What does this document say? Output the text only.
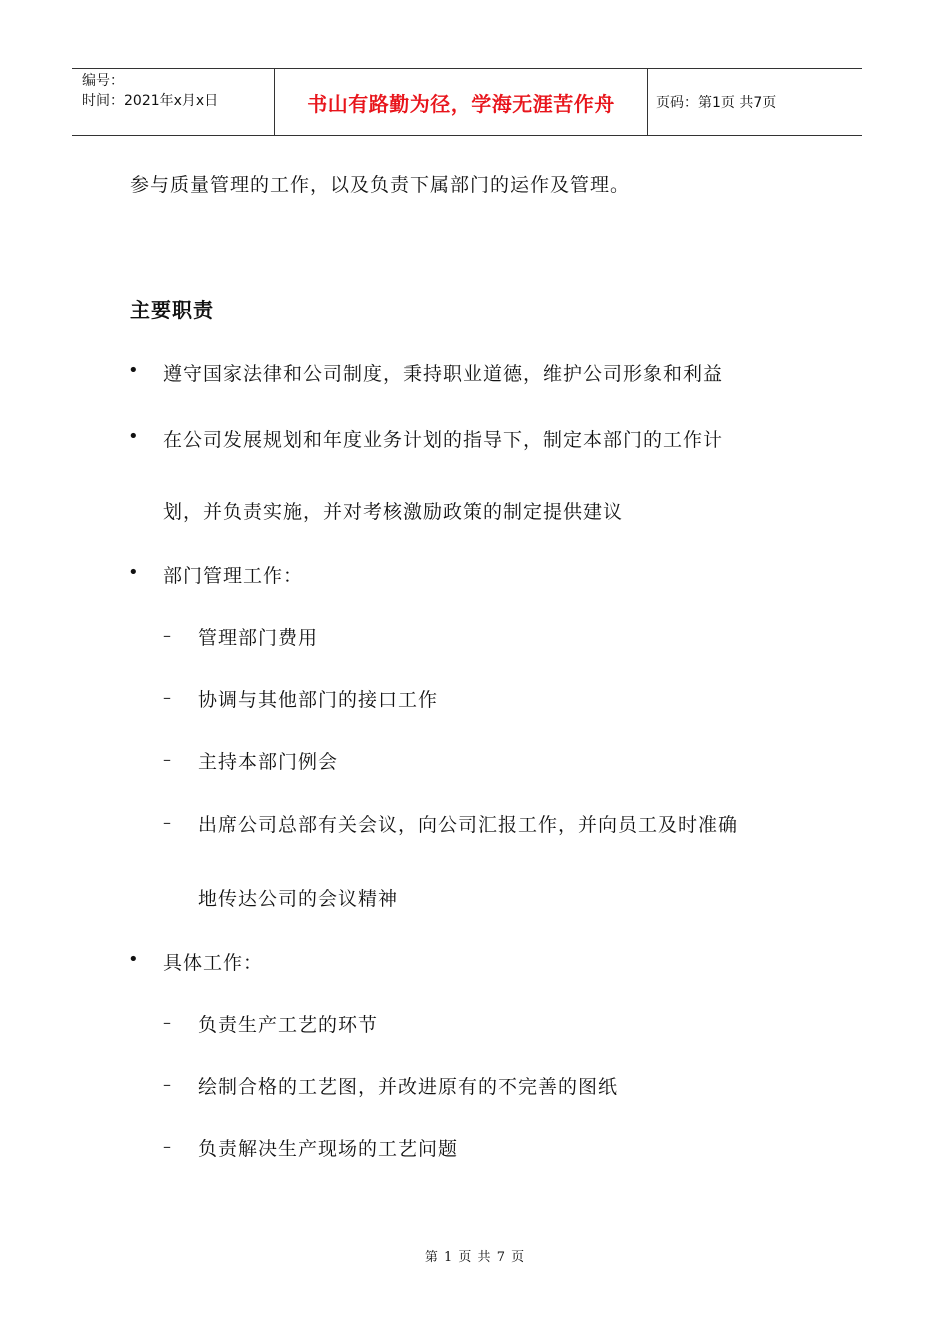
编号：
时间：2021年x月x日	书山有路勤为径，学海无涯苦作舟	页码：第1页 共7页
参与质量管理的工作，以及负责下属部门的运作及管理。
主要职责
• 遵守国家法律和公司制度，秉持职业道德，维护公司形象和利益
• 在公司发展规划和年度业务计划的指导下，制定本部门的工作计
划，并负责实施，并对考核激励政策的制定提供建议
• 部门管理工作：
– 管理部门费用
– 协调与其他部门的接口工作
– 主持本部门例会
– 出席公司总部有关会议，向公司汇报工作，并向员工及时准确
地传达公司的会议精神
• 具体工作：
– 负责生产工艺的环节
– 绘制合格的工艺图，并改进原有的不完善的图纸
– 负责解决生产现场的工艺问题
第 1 页 共 7 页
